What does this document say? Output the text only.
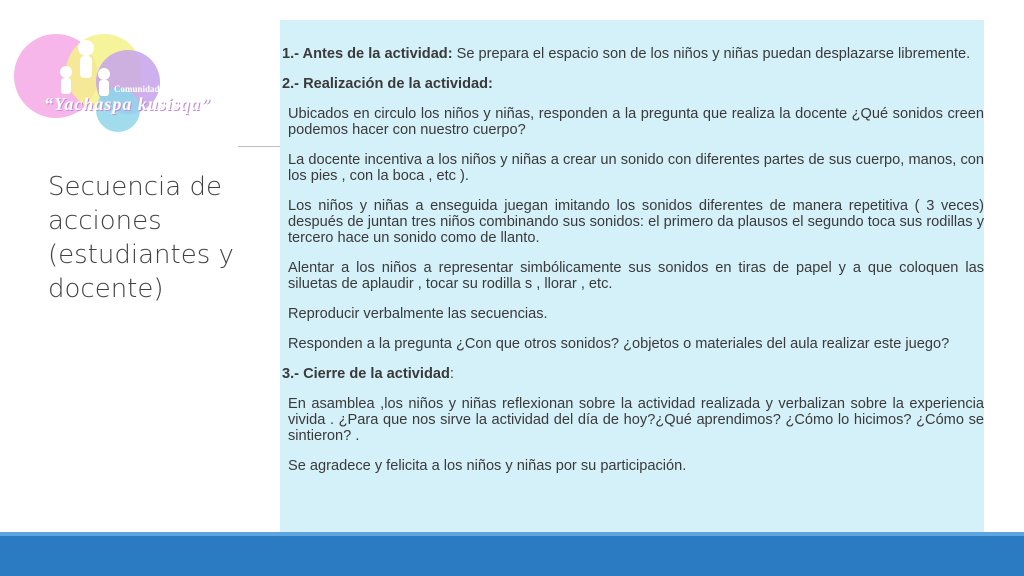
Comunidad Integral
“Yachaspa kusisqa”
Secuencia de acciones (estudiantes y docente)

1.- Antes de la actividad: Se prepara el espacio son de los niños y niñas puedan desplazarse libremente.

2.- Realización de la actividad:

Ubicados en circulo los niños y niñas, responden a la pregunta que realiza la docente ¿Qué sonidos creen podemos hacer con nuestro cuerpo?

La docente incentiva a los niños y niñas a crear un sonido con diferentes partes de sus cuerpo, manos, con los pies , con la boca , etc ).

Los niños y niñas a enseguida juegan imitando los sonidos diferentes de manera repetitiva ( 3 veces) después de juntan tres niños combinando sus sonidos: el primero da plausos el segundo toca sus rodillas y tercero hace un sonido como de llanto.

Alentar a los niños a representar simbólicamente sus sonidos en tiras de papel y a que coloquen las siluetas de aplaudir , tocar su rodilla s , llorar , etc.

Reproducir verbalmente las secuencias.

Responden a la pregunta ¿Con que otros sonidos? ¿objetos o materiales del aula realizar este juego?

3.- Cierre de la actividad:

En asamblea ,los niños y niñas reflexionan sobre la actividad realizada y verbalizan sobre la experiencia vivida . ¿Para que nos sirve la actividad del día de hoy?¿Qué aprendimos? ¿Cómo lo hicimos? ¿Cómo se sintieron? .

Se agradece y felicita a los niños y niñas por su participación.
